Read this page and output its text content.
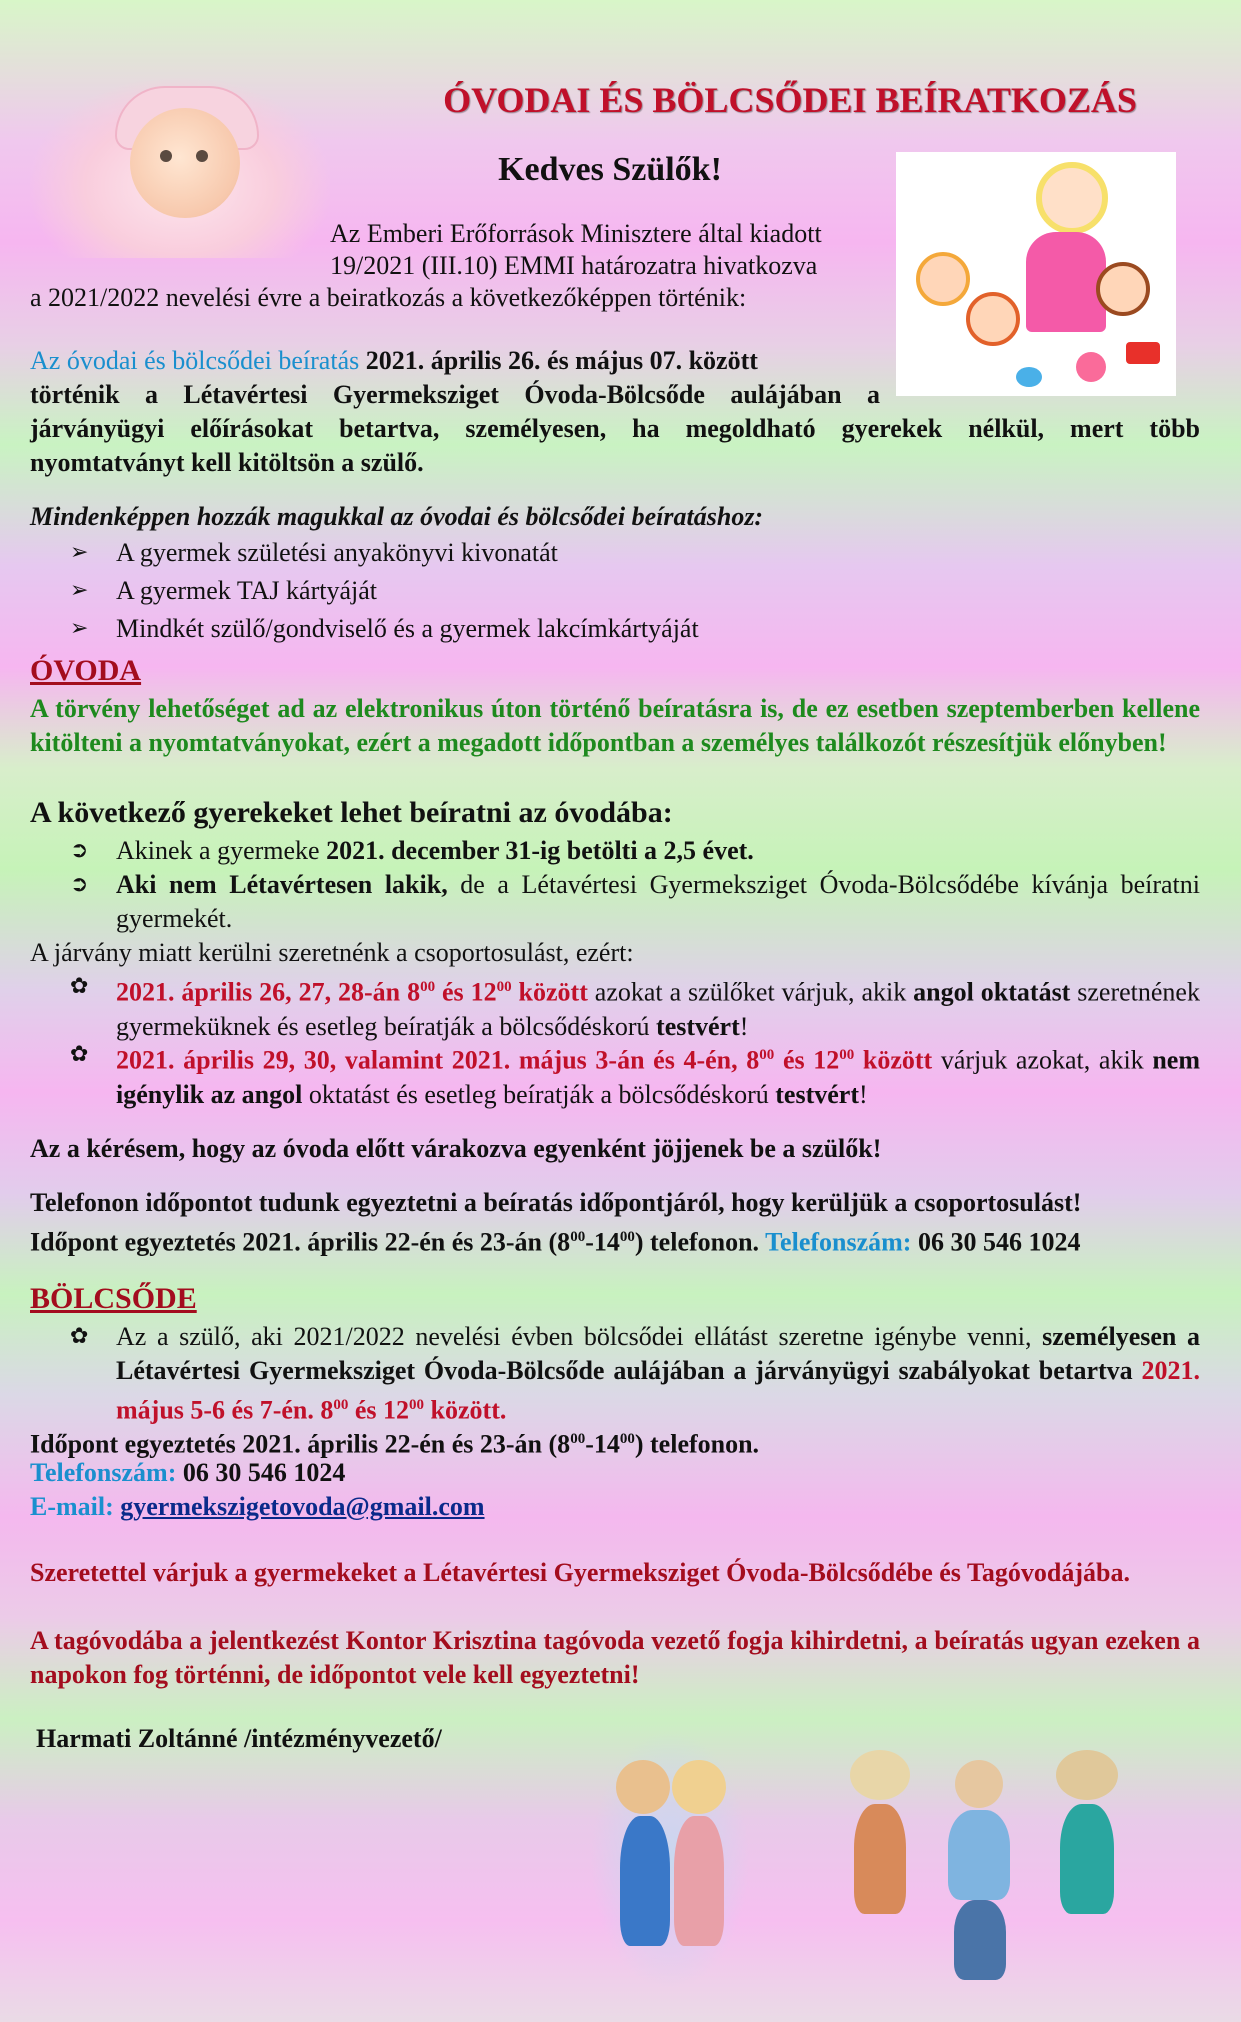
ÓVODAI ÉS BÖLCSŐDEI BEÍRATKOZÁS
Kedves Szülők!
Az Emberi Erőforrások Minisztere által kiadott
19/2021 (III.10) EMMI határozatra hivatkozva
a 2021/2022 nevelési évre a beiratkozás a következőképpen történik:
Az óvodai és bölcsődei beíratás 2021. április 26. és május 07. között
történik a Létavértesi Gyermeksziget Óvoda-Bölcsőde aulájában a
járványügyi előírásokat betartva, személyesen, ha megoldható gyerekek nélkül, mert több
nyomtatványt kell kitöltsön a szülő.
Mindenképpen hozzák magukkal az óvodai és bölcsődei beíratáshoz:
➢	A gyermek születési anyakönyvi kivonatát
➢	A gyermek TAJ kártyáját
➢	Mindkét szülő/gondviselő és a gyermek lakcímkártyáját
ÓVODA
A törvény lehetőséget ad az elektronikus úton történő beíratásra is, de ez esetben szeptemberben kellene kitölteni a nyomtatványokat, ezért a megadott időpontban a személyes találkozót részesítjük előnyben!
A következő gyerekeket lehet beíratni az óvodába:
➲	Akinek a gyermeke 2021. december 31-ig betölti a 2,5 évet.
➲	Aki nem Létavértesen lakik, de a Létavértesi Gyermeksziget Óvoda-Bölcsődébe kívánja beíratni gyermekét.
A járvány miatt kerülni szeretnénk a csoportosulást, ezért:
✿	2021. április 26, 27, 28-án $8^{00}$ és $12^{00}$ között azokat a szülőket várjuk, akik angol oktatást szeretnének gyermeküknek és esetleg beíratják a bölcsődéskorú testvért!
✿	2021. április 29, 30, valamint 2021. május 3-án és 4-én, $8^{00}$ és $12^{00}$ között várjuk azokat, akik nem igénylik az angol oktatást és esetleg beíratják a bölcsődéskorú testvért!
Az a kérésem, hogy az óvoda előtt várakozva egyenként jöjjenek be a szülők!
Telefonon időpontot tudunk egyeztetni a beíratás időpontjáról, hogy kerüljük a csoportosulást!
Időpont egyeztetés 2021. április 22-én és 23-án $(8^{00}-14^{00})$ telefonon. Telefonszám: 06 30 546 1024
BÖLCSŐDE
✿	Az a szülő, aki 2021/2022 nevelési évben bölcsődei ellátást szeretne igénybe venni, személyesen a Létavértesi Gyermeksziget Óvoda-Bölcsőde aulájában a járványügyi szabályokat betartva 2021. május 5-6 és 7-én. $8^{00}$ és $12^{00}$ között.
Időpont egyeztetés 2021. április 22-én és 23-án $(8^{00}-14^{00})$ telefonon.
Telefonszám: 06 30 546 1024
E-mail: gyermekszigetovoda@gmail.com
Szeretettel várjuk a gyermekeket a Létavértesi Gyermeksziget Óvoda-Bölcsődébe és Tagóvodájába.
A tagóvodába a jelentkezést Kontor Krisztina tagóvoda vezető fogja kihirdetni, a beíratás ugyan ezeken a napokon fog történni, de időpontot vele kell egyeztetni!
Harmati Zoltánné /intézményvezető/
